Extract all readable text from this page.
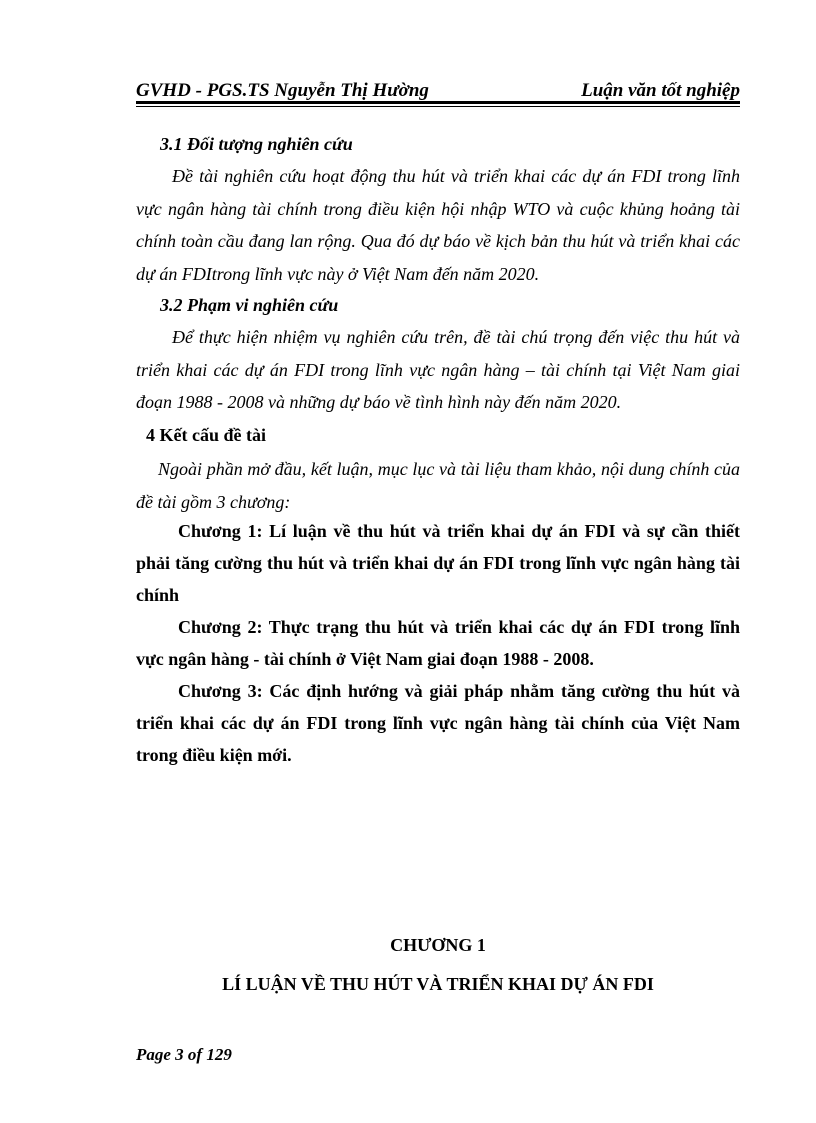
GVHD - PGS.TS Nguyễn Thị Hường	Luận văn tốt nghiệp

3.1 Đối tượng nghiên cứu

Đề tài nghiên cứu hoạt động thu hút và triển khai các dự án FDI trong lĩnh vực ngân hàng tài chính trong điều kiện hội nhập WTO và cuộc khủng hoảng tài chính toàn cầu đang lan rộng. Qua đó dự báo về kịch bản thu hút và triển khai các dự án FDItrong lĩnh vực này ở Việt Nam đến năm 2020.

3.2 Phạm vi nghiên cứu

Để thực hiện nhiệm vụ nghiên cứu trên, đề tài chú trọng đến việc thu hút và triển khai các dự án FDI trong lĩnh vực ngân hàng – tài chính tại Việt Nam giai đoạn 1988 - 2008 và những dự báo về tình hình này đến năm 2020.

4 Kết cấu đề tài

Ngoài phần mở đầu, kết luận, mục lục và tài liệu tham khảo, nội dung chính của đề tài gồm 3 chương:

Chương 1: Lí luận về thu hút và triển khai dự án FDI và sự cần thiết phải tăng cường thu hút và triển khai dự án FDI trong lĩnh vực ngân hàng tài chính

Chương 2: Thực trạng thu hút và triển khai các dự án FDI trong lĩnh vực ngân hàng - tài chính ở Việt Nam giai đoạn 1988 - 2008.

Chương 3: Các định hướng và giải pháp nhằm tăng cường thu hút và triển khai các dự án FDI trong lĩnh vực ngân hàng tài chính của Việt Nam trong điều kiện mới.

CHƯƠNG 1

LÍ LUẬN VỀ THU HÚT VÀ TRIỂN KHAI DỰ ÁN FDI

Page 3 of 129
